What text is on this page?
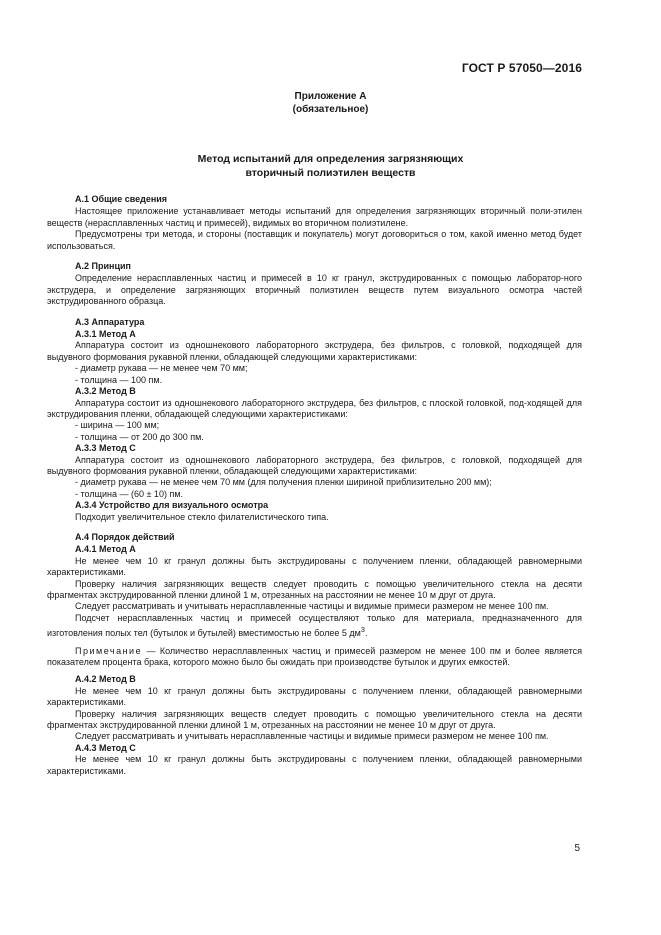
ГОСТ Р 57050—2016
Приложение А
(обязательное)
Метод испытаний для определения загрязняющих
вторичный полиэтилен веществ
А.1 Общие сведения

Настоящее приложение устанавливает методы испытаний для определения загрязняющих вторичный поли-этилен веществ (нерасплавленных частиц и примесей), видимых во вторичном полиэтилене.

Предусмотрены три метода, и стороны (поставщик и покупатель) могут договориться о том, какой именно метод будет использоваться.

А.2 Принцип

Определение нерасплавленных частиц и примесей в 10 кг гранул, экструдированных с помощью лаборатор-ного экструдера, и определение загрязняющих вторичный полиэтилен веществ путем визуального осмотра частей экструдированного образца.

А.3 Аппаратура
А.3.1 Метод А

Аппаратура состоит из одношнекового лабораторного экструдера, без фильтров, с головкой, подходящей для выдувного формования рукавной пленки, обладающей следующими характеристиками:

- диаметр рукава — не менее чем 70 мм;
- толщина — 100 пм.
А.3.2 Метод В

Аппаратура состоит из одношнекового лабораторного экструдера, без фильтров, с плоской головкой, под-ходящей для экструдирования пленки, обладающей следующими характеристиками:

- ширина — 100 мм;
- толщина — от 200 до 300 пм.
А.3.3 Метод С

Аппаратура состоит из одношнекового лабораторного экструдера, без фильтров, с головкой, подходящей для выдувного формования рукавной пленки, обладающей следующими характеристиками:

- диаметр рукава — не менее чем 70 мм (для получения пленки шириной приблизительно 200 мм);
- толщина — (60 ± 10) пм.
А.3.4 Устройство для визуального осмотра

Подходит увеличительное стекло филателистического типа.

А.4 Порядок действий
А.4.1 Метод А

Не менее чем 10 кг гранул должны быть экструдированы с получением пленки, обладающей равномерными характеристиками.

Проверку наличия загрязняющих веществ следует проводить с помощью увеличительного стекла на десяти фрагментах экструдированной пленки длиной 1 м, отрезанных на расстоянии не менее 10 м друг от друга.

Следует рассматривать и учитывать нерасплавленные частицы и видимые примеси размером не менее 100 пм.

Подсчет нерасплавленных частиц и примесей осуществляют только для материала, предназначенного для изготовления полых тел (бутылок и бутылей) вместимостью не более 5 $дм^3$.

Примечание — Количество нерасплавленных частиц и примесей размером не менее 100 пм и более является показателем процента брака, которого можно было бы ожидать при производстве бутылок и других емкостей.

А.4.2 Метод В

Не менее чем 10 кг гранул должны быть экструдированы с получением пленки, обладающей равномерными характеристиками.

Проверку наличия загрязняющих веществ следует проводить с помощью увеличительного стекла на десяти фрагментах экструдированной пленки длиной 1 м, отрезанных на расстоянии не менее 10 м друг от друга.

Следует рассматривать и учитывать нерасплавленные частицы и видимые примеси размером не менее 100 пм.

А.4.3 Метод С

Не менее чем 10 кг гранул должны быть экструдированы с получением пленки, обладающей равномерными характеристиками.

5
